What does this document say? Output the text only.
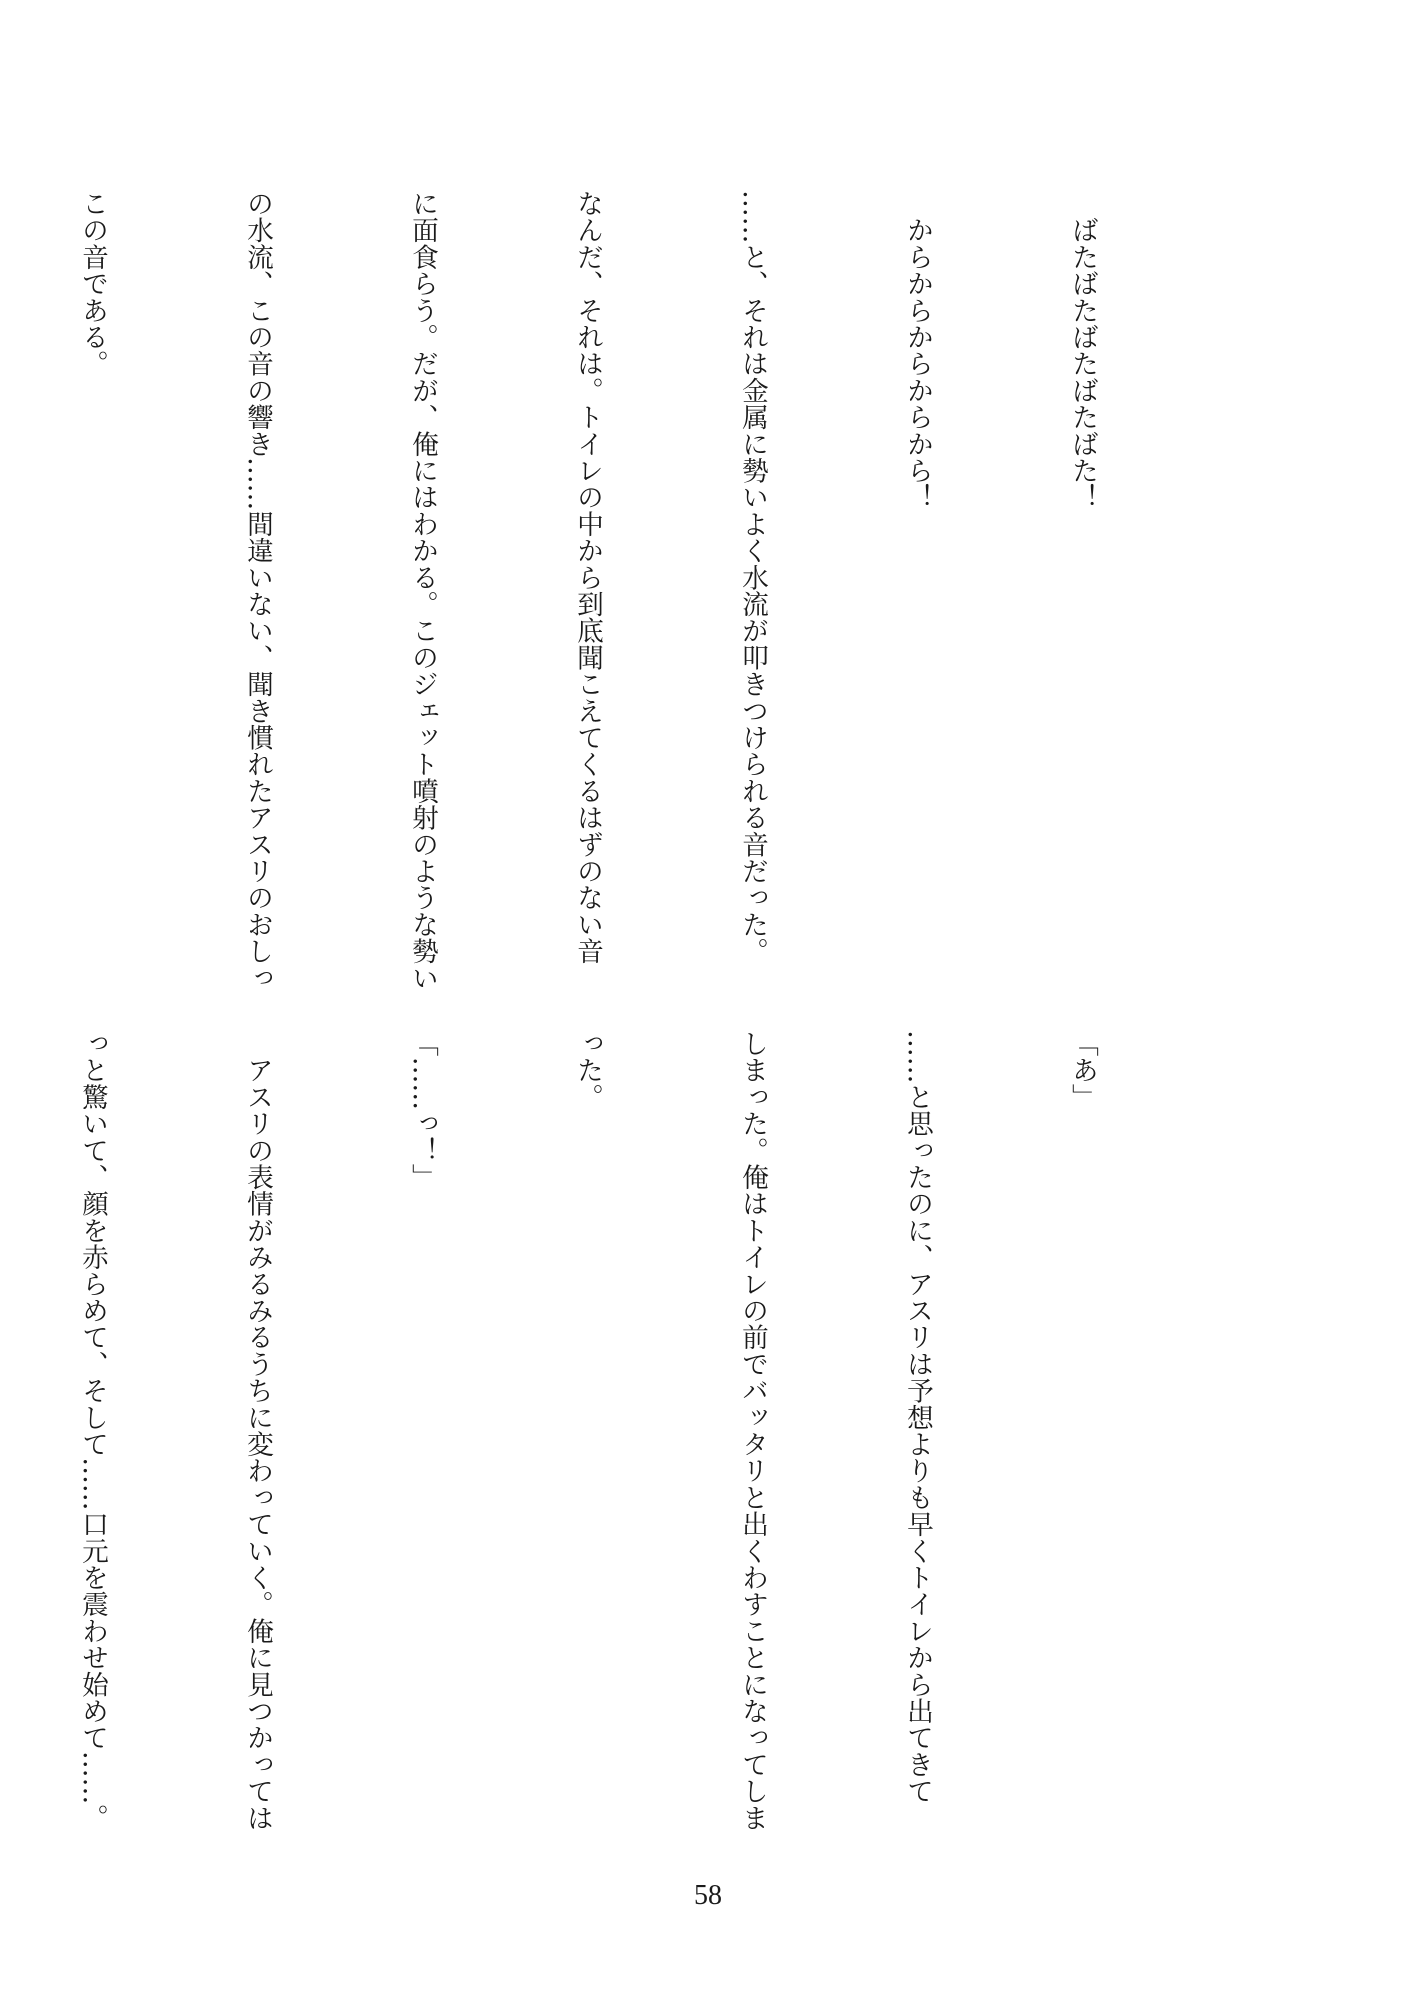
　ばたばたばたばたばた！

　からからからからから！

……と、それは金属に勢いよく水流が叩きつけられる音だった。

なんだ、それは。トイレの中から到底聞こえてくるはずのない音

に面食らう。だが、俺にはわかる。このジェット噴射のような勢い

の水流、この音の響き……間違いない、聞き慣れたアスリのおしっ

この音である。

「あ」

……と思ったのに、アスリは予想よりも早くトイレから出てきて

しまった。俺はトイレの前でバッタリと出くわすことになってしま

った。

「……っ！」

　アスリの表情がみるみるうちに変わっていく。俺に見つかっては

っと驚いて、顔を赤らめて、そして……口元を震わせ始めて……。

58
